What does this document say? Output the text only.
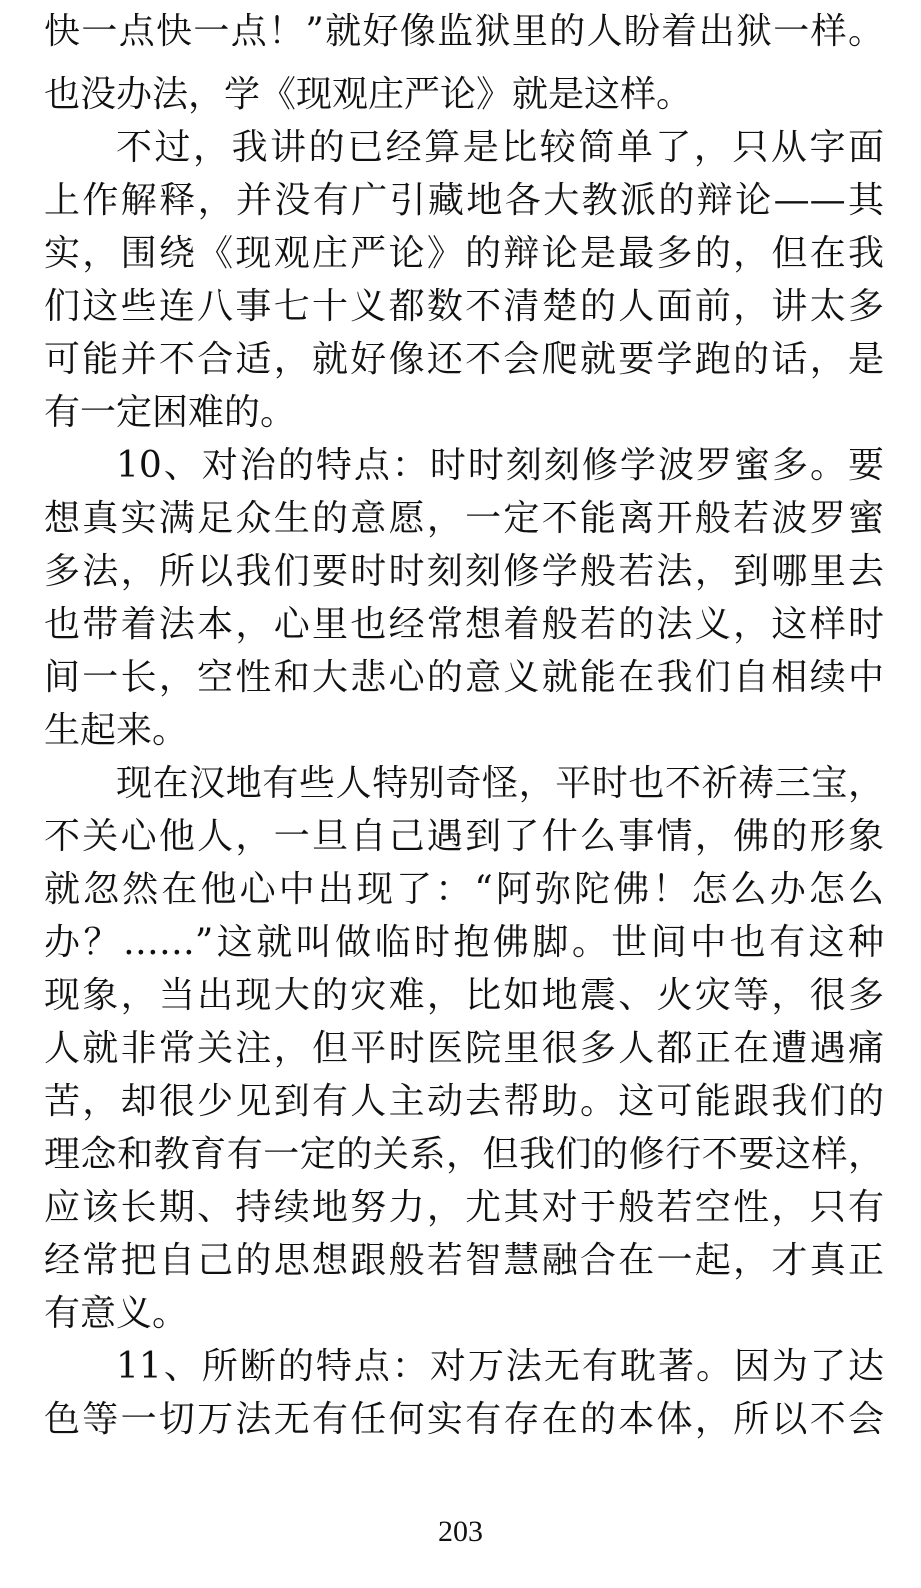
快一点快一点！”就好像监狱里的人盼着出狱一样。
也没办法，学《现观庄严论》就是这样。
不过，我讲的已经算是比较简单了，只从字面
上作解释，并没有广引藏地各大教派的辩论——其
实，围绕《现观庄严论》的辩论是最多的，但在我
们这些连八事七十义都数不清楚的人面前，讲太多
可能并不合适，就好像还不会爬就要学跑的话，是
有一定困难的。
10、对治的特点：时时刻刻修学波罗蜜多。要
想真实满足众生的意愿，一定不能离开般若波罗蜜
多法，所以我们要时时刻刻修学般若法，到哪里去
也带着法本，心里也经常想着般若的法义，这样时
间一长，空性和大悲心的意义就能在我们自相续中
生起来。
现在汉地有些人特别奇怪，平时也不祈祷三宝，
不关心他人，一旦自己遇到了什么事情，佛的形象
就忽然在他心中出现了：“阿弥陀佛！怎么办怎么
办？……”这就叫做临时抱佛脚。世间中也有这种
现象，当出现大的灾难，比如地震、火灾等，很多
人就非常关注，但平时医院里很多人都正在遭遇痛
苦，却很少见到有人主动去帮助。这可能跟我们的
理念和教育有一定的关系，但我们的修行不要这样，
应该长期、持续地努力，尤其对于般若空性，只有
经常把自己的思想跟般若智慧融合在一起，才真正
有意义。
11、所断的特点：对万法无有耽著。因为了达
色等一切万法无有任何实有存在的本体，所以不会
203
